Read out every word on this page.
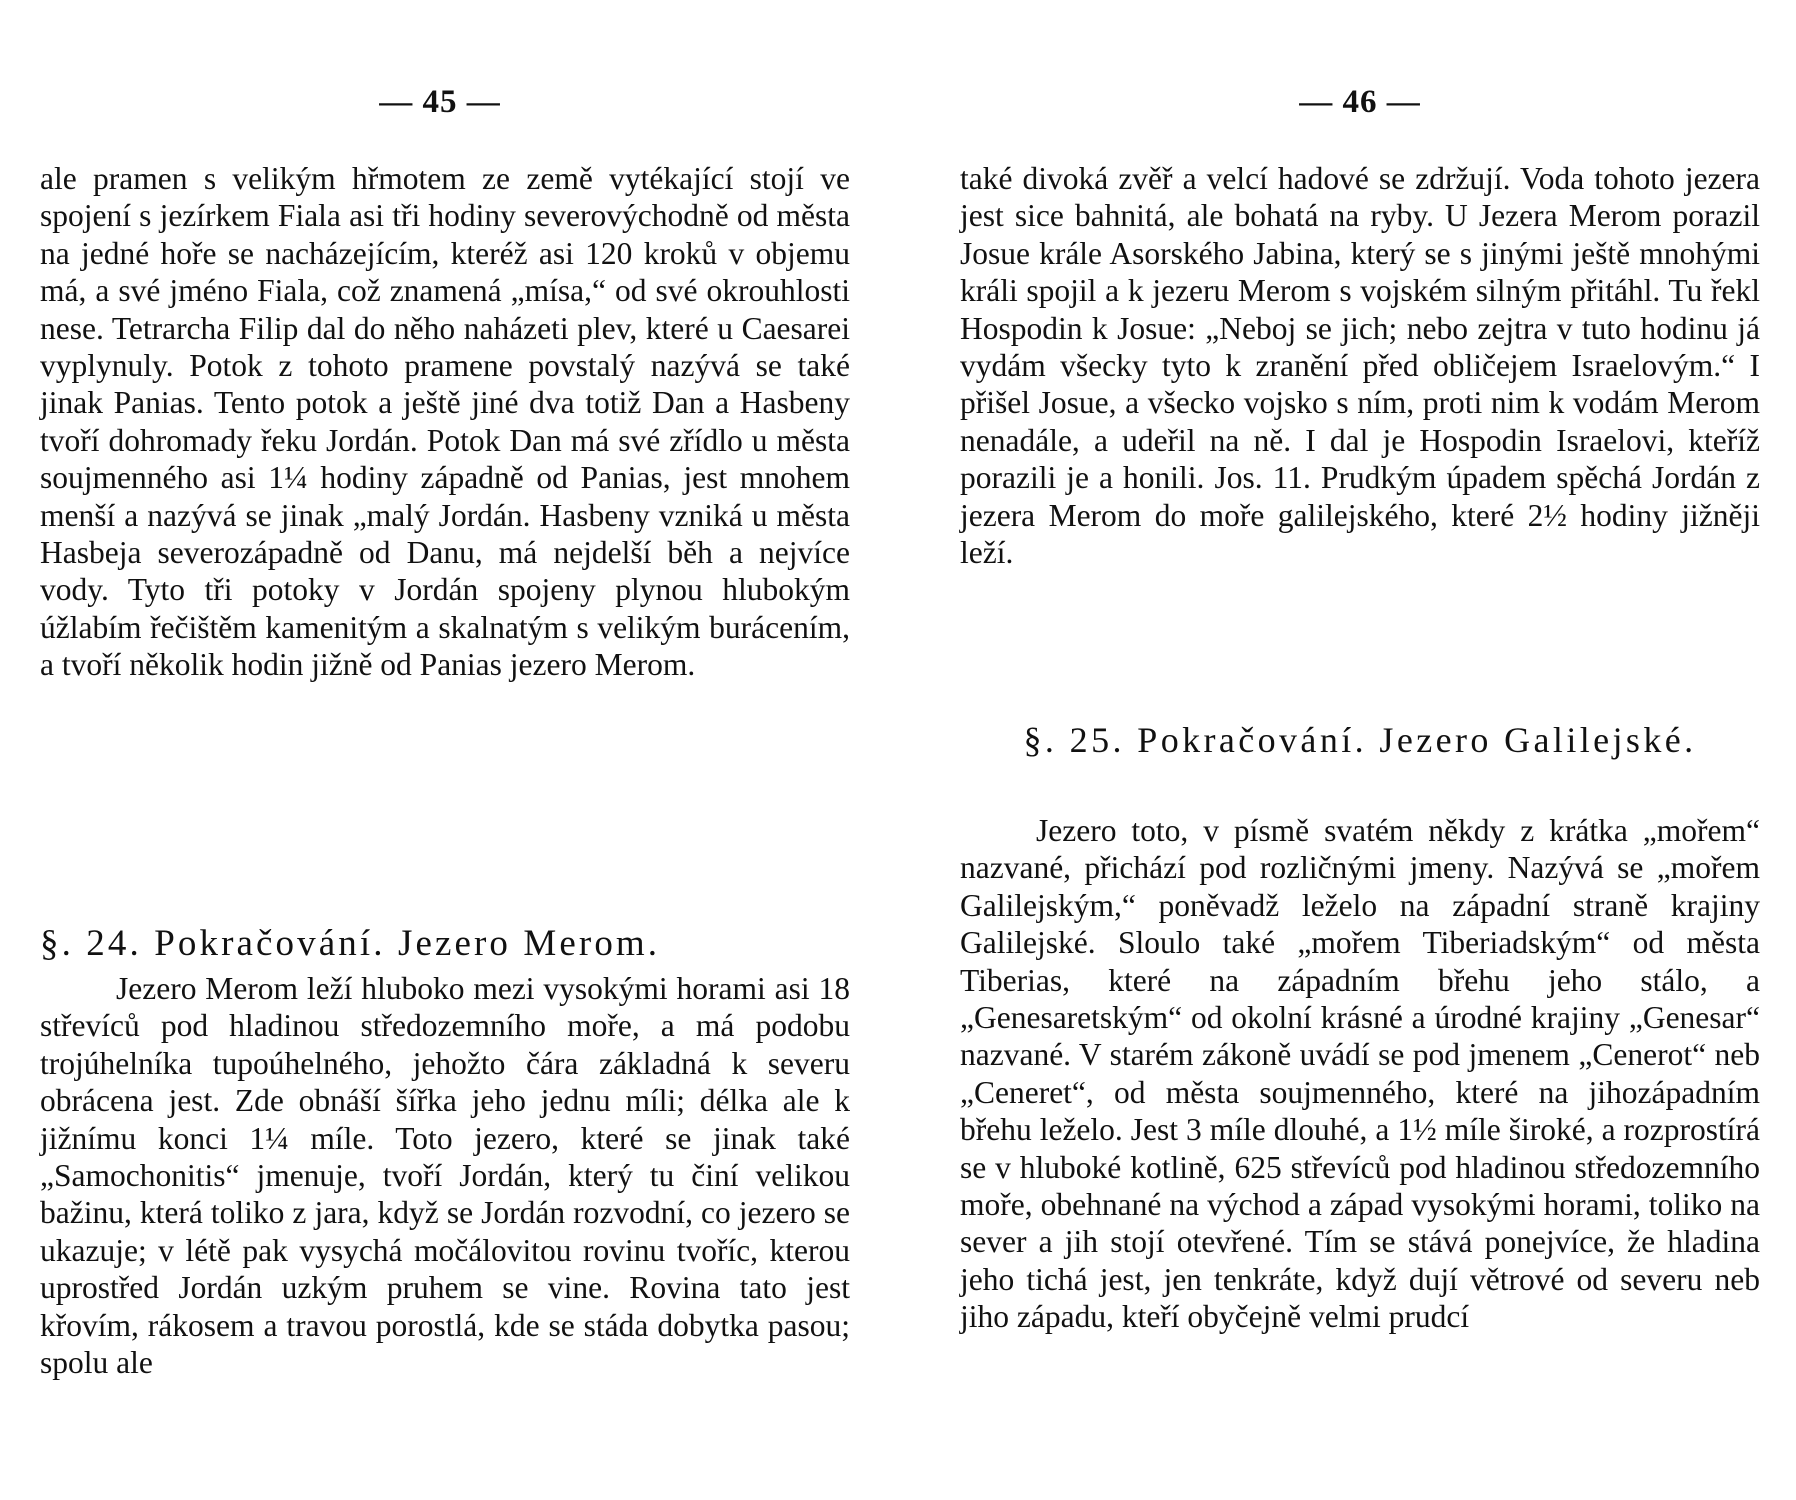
— 45 —

ale pramen s velikým hřmotem ze země vytékající stojí ve spojení s jezírkem Fiala asi tři hodiny severovýchodně od města na jedné hoře se nacházejícím, kteréž asi 120 kroků v objemu má, a své jméno Fiala, což znamená „mísa,“ od své okrouhlosti nese. Tetrarcha Filip dal do něho naházeti plev, které u Caesarei vyplynuly. Potok z tohoto pramene povstalý nazývá se také jinak Panias. Tento potok a ještě jiné dva totiž Dan a Hasbeny tvoří dohromady řeku Jordán. Potok Dan má své zřídlo u města soujmenného asi 1¼ hodiny západně od Panias, jest mnohem menší a nazývá se jinak „malý Jordán. Hasbeny vzniká u města Hasbeja severozápadně od Danu, má nejdelší běh a nejvíce vody. Tyto tři potoky v Jordán spojeny plynou hlubokým úžlabím řečištěm kamenitým a skalnatým s velikým burácením, a tvoří několik hodin jižně od Panias jezero Merom.

§. 24. Pokračování. Jezero Merom.

Jezero Merom leží hluboko mezi vysokými horami asi 18 střevíců pod hladinou středozemního moře, a má podobu trojúhelníka tupoúhelného, jehožto čára základná k severu obrácena jest. Zde obnáší šířka jeho jednu míli; délka ale k jižnímu konci 1¼ míle. Toto jezero, které se jinak také „Samochonitis“ jmenuje, tvoří Jordán, který tu činí velikou bažinu, která toliko z jara, když se Jordán rozvodní, co jezero se ukazuje; v létě pak vysychá močálovitou rovinu tvoříc, kterou uprostřed Jordán uzkým pruhem se vine. Rovina tato jest křovím, rákosem a travou porostlá, kde se stáda dobytka pasou; spolu ale

— 46 —

také divoká zvěř a velcí hadové se zdržují. Voda tohoto jezera jest sice bahnitá, ale bohatá na ryby. U Jezera Merom porazil Josue krále Asorského Jabina, který se s jinými ještě mnohými králi spojil a k jezeru Merom s vojském silným přitáhl. Tu řekl Hospodin k Josue: „Neboj se jich; nebo zejtra v tuto hodinu já vydám všecky tyto k zranění před obličejem Israelovým.“ I přišel Josue, a všecko vojsko s ním, proti nim k vodám Merom nenadále, a udeřil na ně. I dal je Hospodin Israelovi, kteříž porazili je a honili. Jos. 11. Prudkým úpadem spěchá Jordán z jezera Merom do moře galilejského, které 2½ hodiny jižněji leží.

§. 25. Pokračování. Jezero Galilejské.

Jezero toto, v písmě svatém někdy z krátka „mořem“ nazvané, přichází pod rozličnými jmeny. Nazývá se „mořem Galilejským,“ poněvadž leželo na západní straně krajiny Galilejské. Sloulo také „mořem Tiberiadským“ od města Tiberias, které na západním břehu jeho stálo, a „Genesaretským“ od okolní krásné a úrodné krajiny „Genesar“ nazvané. V starém zákoně uvádí se pod jmenem „Cenerot“ neb „Ceneret“, od města soujmenného, které na jihozápadním břehu leželo. Jest 3 míle dlouhé, a 1½ míle široké, a rozprostírá se v hluboké kotlině, 625 střevíců pod hladinou středozemního moře, obehnané na východ a západ vysokými horami, toliko na sever a jih stojí otevřené. Tím se stává ponejvíce, že hladina jeho tichá jest, jen tenkráte, když dují větrové od severu neb jiho západu, kteří obyčejně velmi prudcí
